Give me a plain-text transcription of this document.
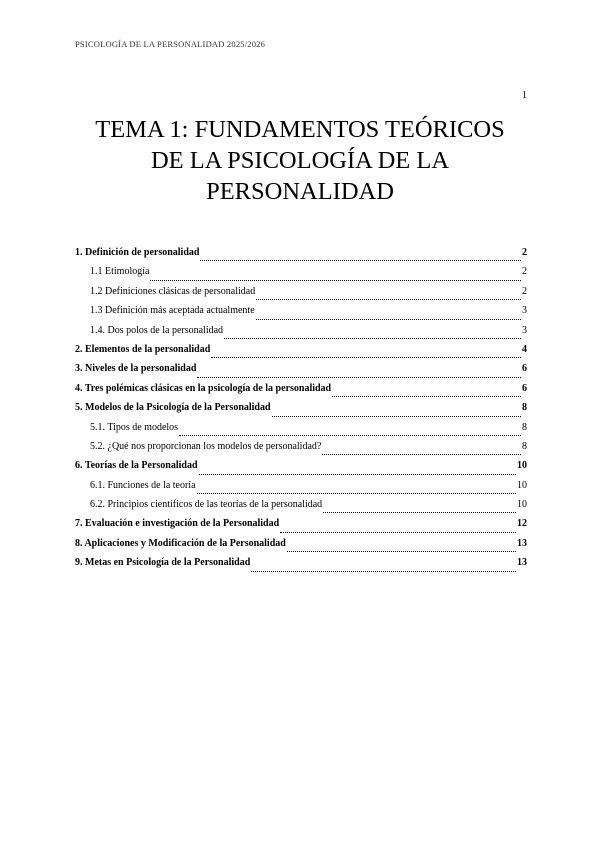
PSICOLOGÍA DE LA PERSONALIDAD 2025/2026
1
TEMA 1: FUNDAMENTOS TEÓRICOS
DE LA PSICOLOGÍA DE LA
PERSONALIDAD
1. Definición de personalidad	2
1.1 Etimología	2
1.2 Definiciones clásicas de personalidad	2
1.3 Definición más aceptada actualmente	3
1.4. Dos polos de la personalidad	3
2. Elementos de la personalidad	4
3. Niveles de la personalidad	6
4. Tres polémicas clásicas en la psicología de la personalidad	6
5. Modelos de la Psicología de la Personalidad	8
5.1. Tipos de modelos	8
5.2. ¿Qué nos proporcionan los modelos de personalidad?	8
6. Teorías de la Personalidad	10
6.1. Funciones de la teoría	10
6.2. Principios científicos de las teorías de la personalidad	10
7. Evaluación e investigación de la Personalidad	12
8. Aplicaciones y Modificación de la Personalidad	13
9. Metas en Psicología de la Personalidad	13
